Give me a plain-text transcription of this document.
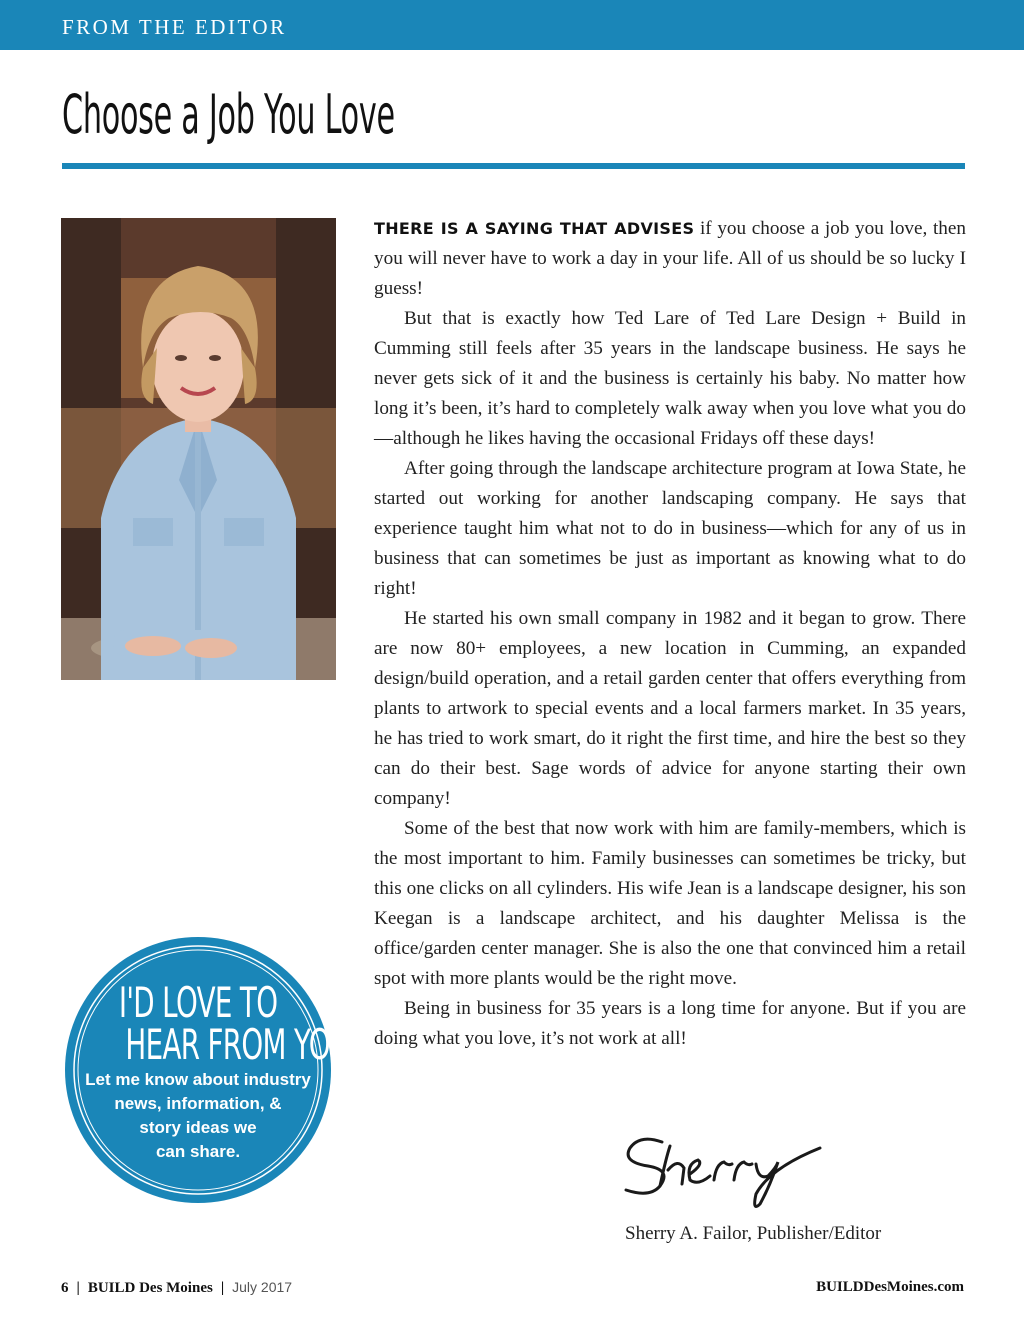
FROM THE EDITOR
Choose a Job You Love

THERE IS A SAYING THAT ADVISES if you choose a job you love, then you will never have to work a day in your life. All of us should be so lucky I guess!

But that is exactly how Ted Lare of Ted Lare Design + Build in Cumming still feels after 35 years in the landscape business. He says he never gets sick of it and the business is certainly his baby. No matter how long it’s been, it’s hard to completely walk away when you love what you do—although he likes having the occasional Fridays off these days!

After going through the landscape architecture program at Iowa State, he started out working for another landscaping company. He says that experience taught him what not to do in business—which for any of us in business that can sometimes be just as important as knowing what to do right!

He started his own small company in 1982 and it began to grow. There are now 80+ employees, a new location in Cumming, an expanded design/build operation, and a retail garden center that offers everything from plants to artwork to special events and a local farmers market. In 35 years, he has tried to work smart, do it right the first time, and hire the best so they can do their best. Sage words of advice for anyone starting their own company!

Some of the best that now work with him are family-members, which is the most important to him. Family businesses can sometimes be tricky, but this one clicks on all cylinders. His wife Jean is a landscape designer, his son Keegan is a landscape architect, and his daughter Melissa is the office/garden center manager. She is also the one that convinced him a retail spot with more plants would be the right move.

Being in business for 35 years is a long time for anyone. But if you are doing what you love, it’s not work at all!

I'D LOVE TO
HEAR FROM YOU!
Let me know about industry
news, information, &
story ideas we
can share.
Sherry A. Failor, Publisher/Editor
6 | BUILD Des Moines | July 2017	BUILDDesMoines.com
